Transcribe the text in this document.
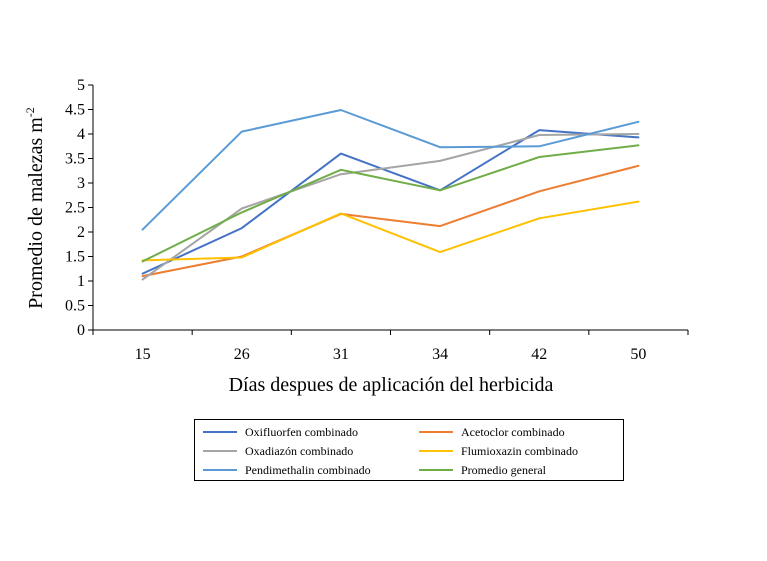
0
0.5
1
1.5
2
2.5
3
3.5
4
4.5
5
15	26	31	34	42	50
Días despues de aplicación del herbicida
Promedio de malezas $m^{-2}$
Oxifluorfen combinado	Acetoclor combinado
Oxadiazón combinado	Flumioxazin combinado
Pendimethalin combinado	Promedio general
